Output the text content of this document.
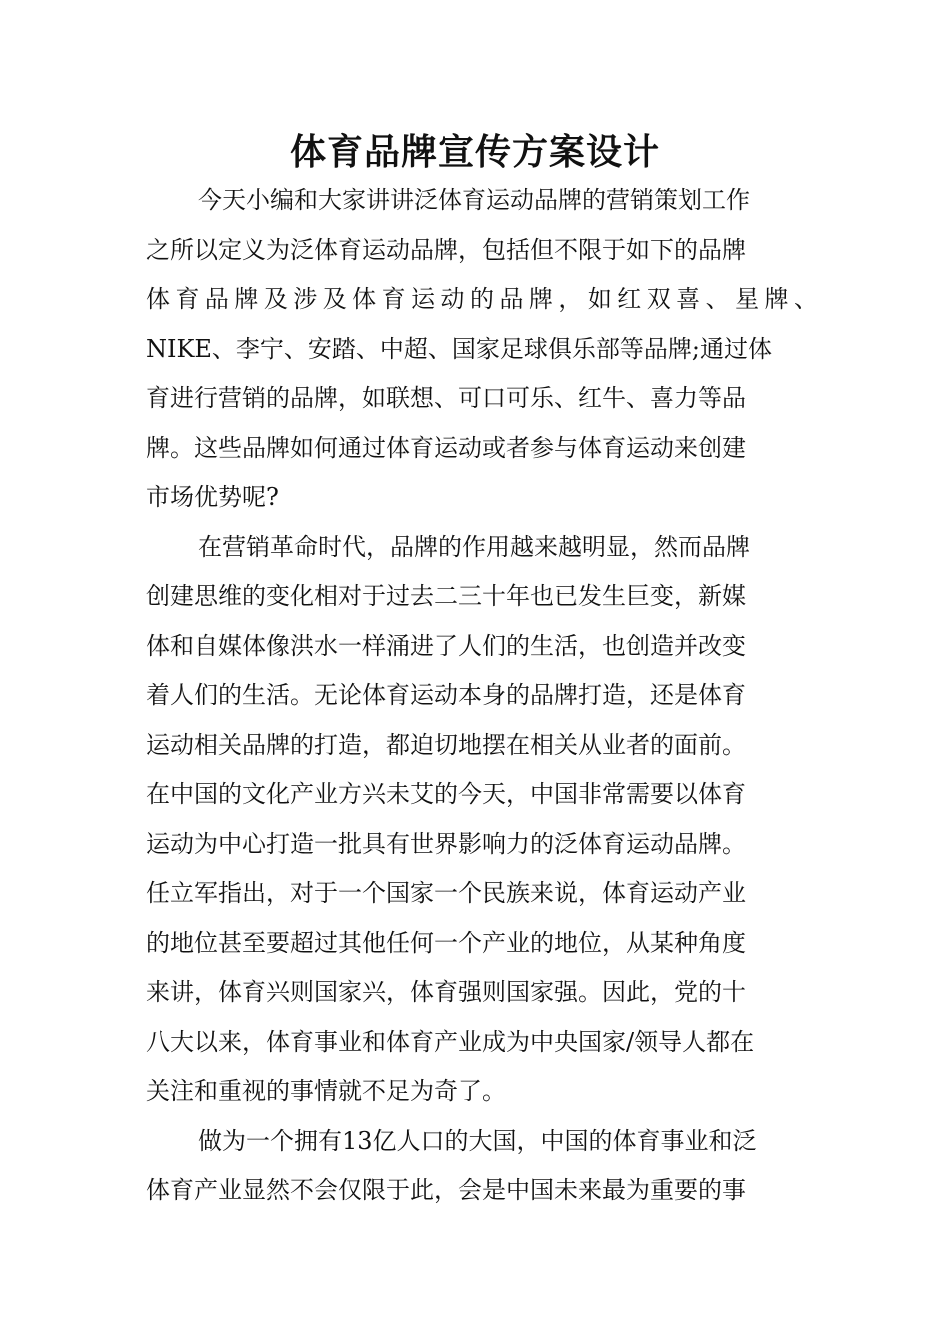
体育品牌宣传方案设计
今天小编和大家讲讲泛体育运动品牌的营销策划工作
之所以定义为泛体育运动品牌，包括但不限于如下的品牌
体育品牌及涉及体育运动的品牌，如红双喜、星牌、
NIKE、李宁、安踏、中超、国家足球俱乐部等品牌;通过体
育进行营销的品牌，如联想、可口可乐、红牛、喜力等品
牌。这些品牌如何通过体育运动或者参与体育运动来创建
市场优势呢?
在营销革命时代，品牌的作用越来越明显，然而品牌
创建思维的变化相对于过去二三十年也已发生巨变，新媒
体和自媒体像洪水一样涌进了人们的生活，也创造并改变
着人们的生活。无论体育运动本身的品牌打造，还是体育
运动相关品牌的打造，都迫切地摆在相关从业者的面前。
在中国的文化产业方兴未艾的今天，中国非常需要以体育
运动为中心打造一批具有世界影响力的泛体育运动品牌。
任立军指出，对于一个国家一个民族来说，体育运动产业
的地位甚至要超过其他任何一个产业的地位，从某种角度
来讲，体育兴则国家兴，体育强则国家强。因此，党的十
八大以来，体育事业和体育产业成为中央国家/领导人都在
关注和重视的事情就不足为奇了。
做为一个拥有13亿人口的大国，中国的体育事业和泛
体育产业显然不会仅限于此，会是中国未来最为重要的事
